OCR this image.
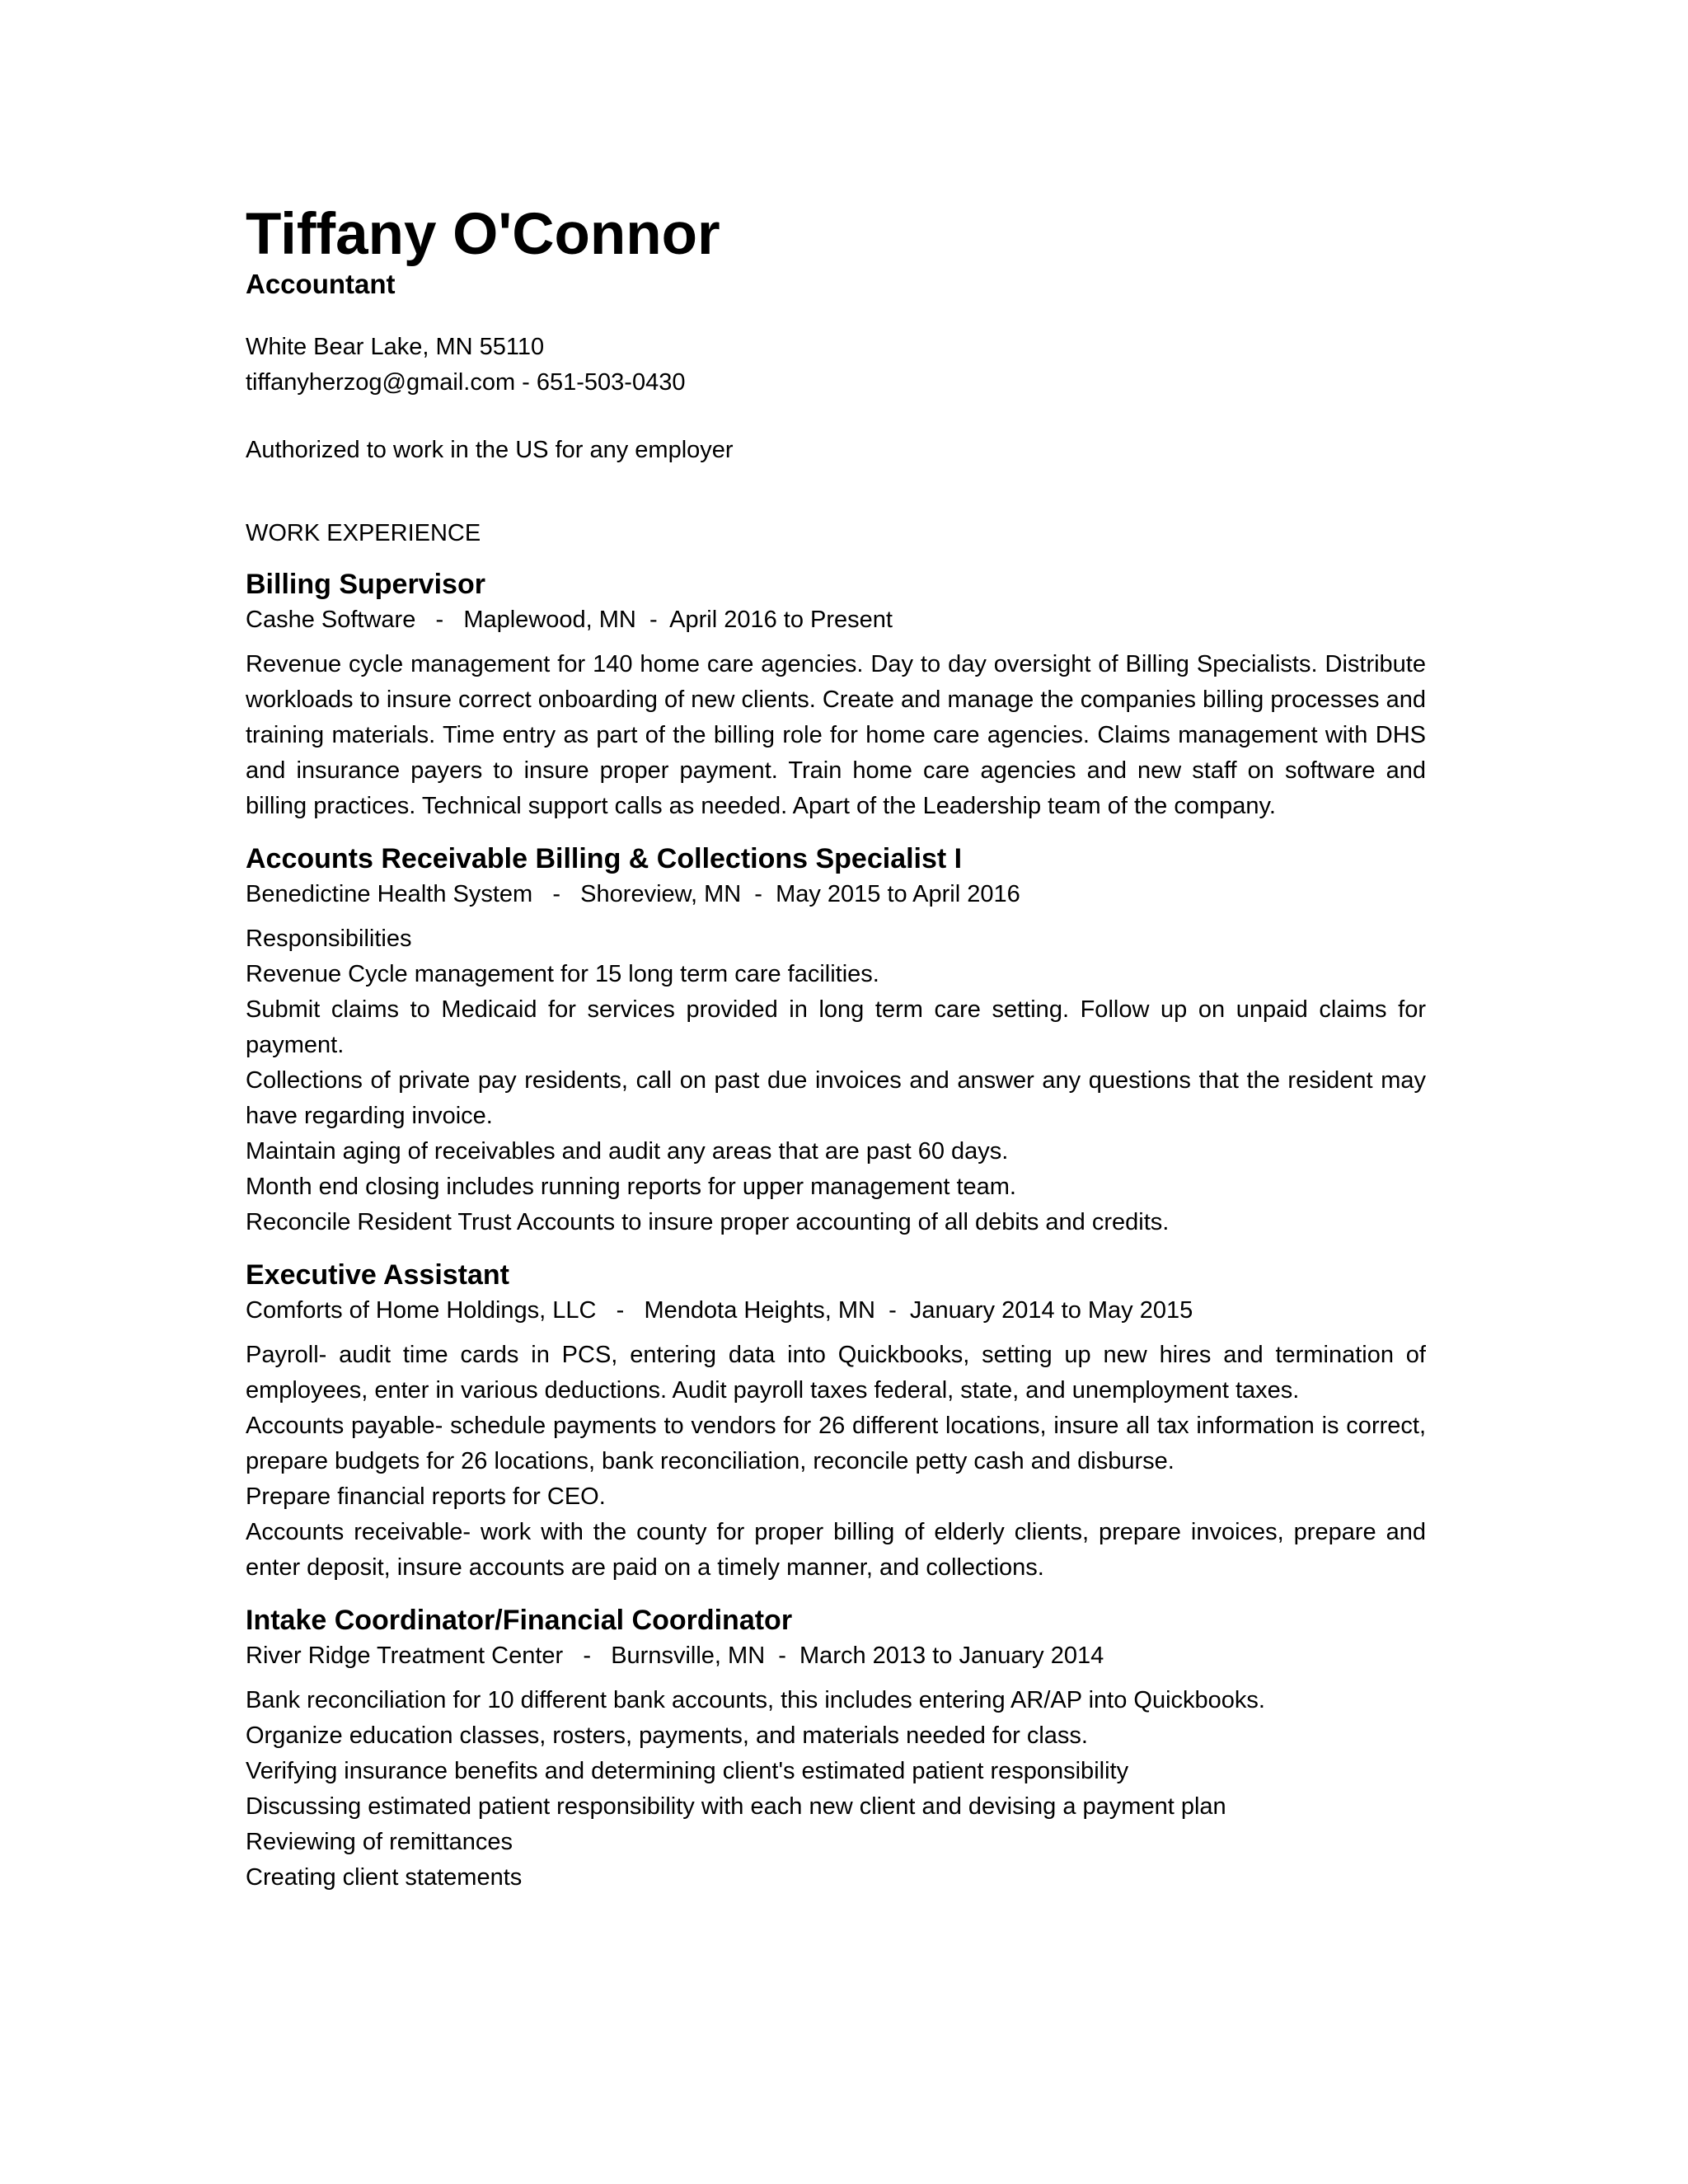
Tiffany O'Connor
Accountant
White Bear Lake, MN 55110
tiffanyherzog@gmail.com - 651-503-0430
Authorized to work in the US for any employer
WORK EXPERIENCE
Billing Supervisor
Cashe Software   -   Maplewood, MN  -  April 2016 to Present

Revenue cycle management for 140 home care agencies. Day to day oversight of Billing Specialists. Distribute workloads to insure correct onboarding of new clients. Create and manage the companies billing processes and training materials. Time entry as part of the billing role for home care agencies. Claims management with DHS and insurance payers to insure proper payment. Train home care agencies and new staff on software and billing practices. Technical support calls as needed. Apart of the Leadership team of the company.

Accounts Receivable Billing & Collections Specialist I
Benedictine Health System   -   Shoreview, MN  -  May 2015 to April 2016

Responsibilities

Revenue Cycle management for 15 long term care facilities.

Submit claims to Medicaid for services provided in long term care setting. Follow up on unpaid claims for payment.

Collections of private pay residents, call on past due invoices and answer any questions that the resident may have regarding invoice.

Maintain aging of receivables and audit any areas that are past 60 days.

Month end closing includes running reports for upper management team.

Reconcile Resident Trust Accounts to insure proper accounting of all debits and credits.

Executive Assistant
Comforts of Home Holdings, LLC   -   Mendota Heights, MN  -  January 2014 to May 2015

Payroll- audit time cards in PCS, entering data into Quickbooks, setting up new hires and termination of employees, enter in various deductions. Audit payroll taxes federal, state, and unemployment taxes.

Accounts payable- schedule payments to vendors for 26 different locations, insure all tax information is correct, prepare budgets for 26 locations, bank reconciliation, reconcile petty cash and disburse.

Prepare financial reports for CEO.

Accounts receivable- work with the county for proper billing of elderly clients, prepare invoices, prepare and enter deposit, insure accounts are paid on a timely manner, and collections.

Intake Coordinator/Financial Coordinator
River Ridge Treatment Center   -   Burnsville, MN  -  March 2013 to January 2014

Bank reconciliation for 10 different bank accounts, this includes entering AR/AP into Quickbooks.

Organize education classes, rosters, payments, and materials needed for class.

Verifying insurance benefits and determining client's estimated patient responsibility

Discussing estimated patient responsibility with each new client and devising a payment plan

Reviewing of remittances

Creating client statements
